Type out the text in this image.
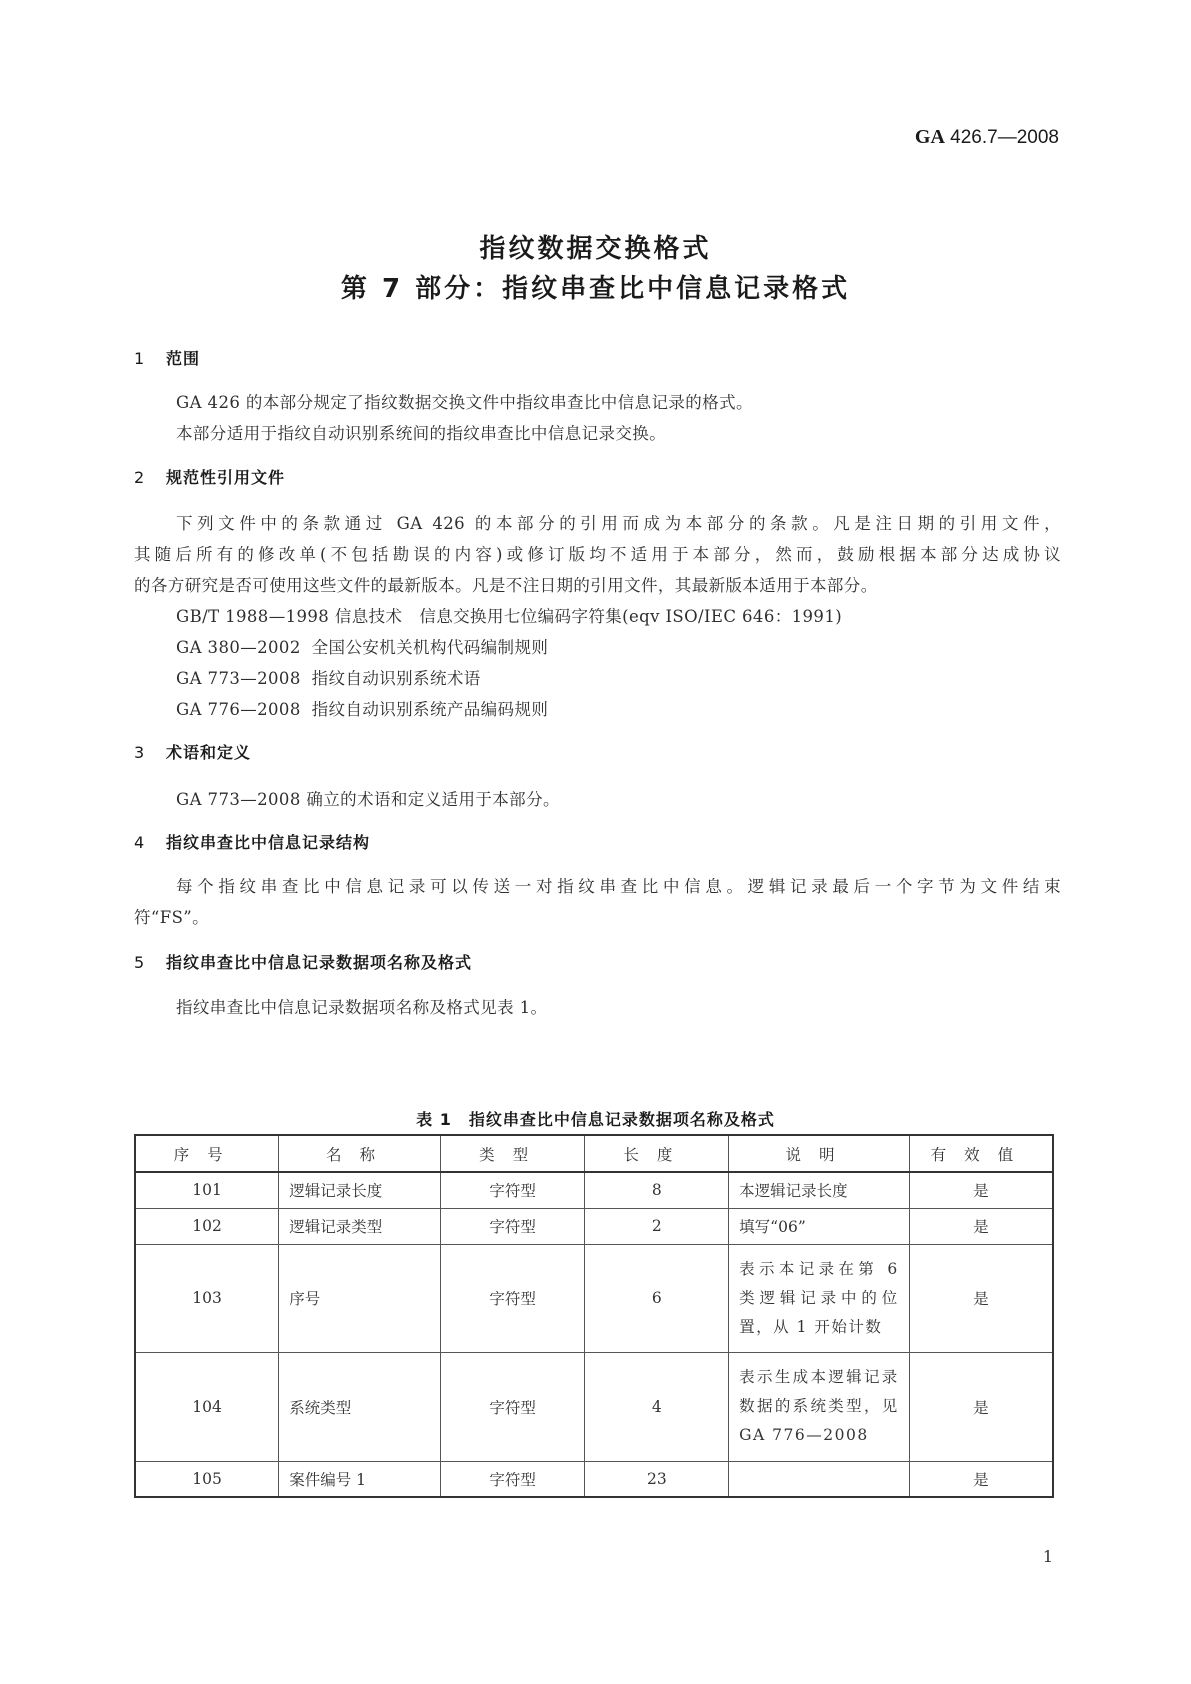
GA 426.7—2008
指纹数据交换格式
第 7 部分：指纹串查比中信息记录格式
1 范围
GA 426 的本部分规定了指纹数据交换文件中指纹串查比中信息记录的格式。
本部分适用于指纹自动识别系统间的指纹串查比中信息记录交换。
2 规范性引用文件
下列文件中的条款通过 GA 426 的本部分的引用而成为本部分的条款。凡是注日期的引用文件，
其随后所有的修改单(不包括勘误的内容)或修订版均不适用于本部分，然而，鼓励根据本部分达成协议
的各方研究是否可使用这些文件的最新版本。凡是不注日期的引用文件，其最新版本适用于本部分。
GB/T 1988—1998 信息技术　信息交换用七位编码字符集(eqv ISO/IEC 646：1991)
GA 380—2002 全国公安机关机构代码编制规则
GA 773—2008 指纹自动识别系统术语
GA 776—2008 指纹自动识别系统产品编码规则
3 术语和定义
GA 773—2008 确立的术语和定义适用于本部分。
4 指纹串查比中信息记录结构
每个指纹串查比中信息记录可以传送一对指纹串查比中信息。逻辑记录最后一个字节为文件结束
符“FS”。
5 指纹串查比中信息记录数据项名称及格式
指纹串查比中信息记录数据项名称及格式见表 1。
表 1　指纹串查比中信息记录数据项名称及格式
序号	名称	类型	长度	说明	有效值
101	逻辑记录长度	字符型	8	本逻辑记录长度	是
102	逻辑记录类型	字符型	2	填写“06”	是
103	序号	字符型	6	表示本记录在第 6 类逻辑记录中的位置，从 1 开始计数	是
104	系统类型	字符型	4	表示生成本逻辑记录数据的系统类型，见 GA 776—2008	是
105	案件编号 1	字符型	23		是
1
